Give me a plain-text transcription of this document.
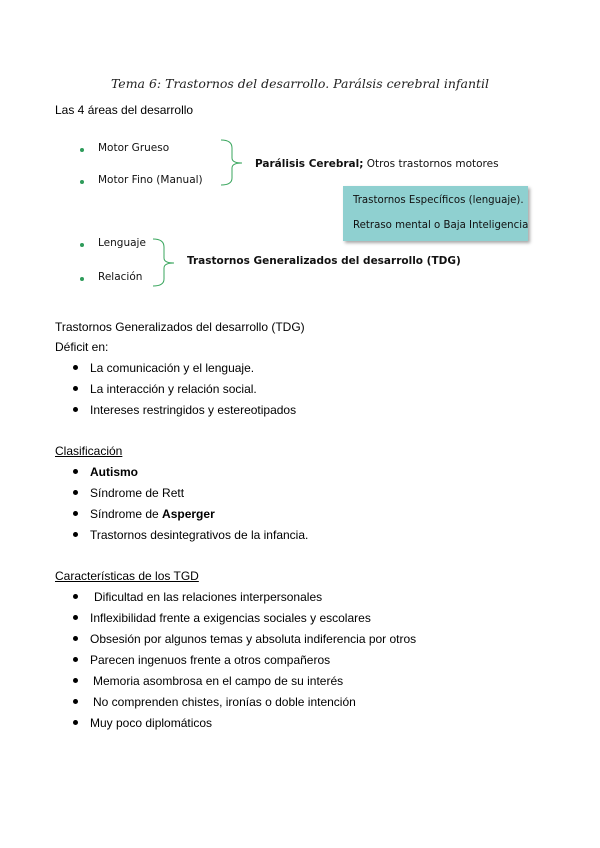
Tema 6: Trastornos del desarrollo. Parálsis cerebral infantil
Las 4 áreas del desarrollo
Motor Grueso
Motor Fino (Manual)
Parálisis Cerebral; Otros trastornos motores
Trastornos Específicos (lenguaje).
Retraso mental o Baja Inteligencia
Lenguaje
Relación
Trastornos Generalizados del desarrollo (TDG)
Trastornos Generalizados del desarrollo (TDG)
Déficit en:
La comunicación y el lenguaje.
La interacción y relación social.
Intereses restringidos y estereotipados
Clasificación
Autismo
Síndrome de Rett
Síndrome de Asperger
Trastornos desintegrativos de la infancia.
Características de los TGD
Dificultad en las relaciones interpersonales
Inflexibilidad frente a exigencias sociales y escolares
Obsesión por algunos temas y absoluta indiferencia por otros
Parecen ingenuos frente a otros compañeros
Memoria asombrosa en el campo de su interés
No comprenden chistes, ironías o doble intención
Muy poco diplomáticos
